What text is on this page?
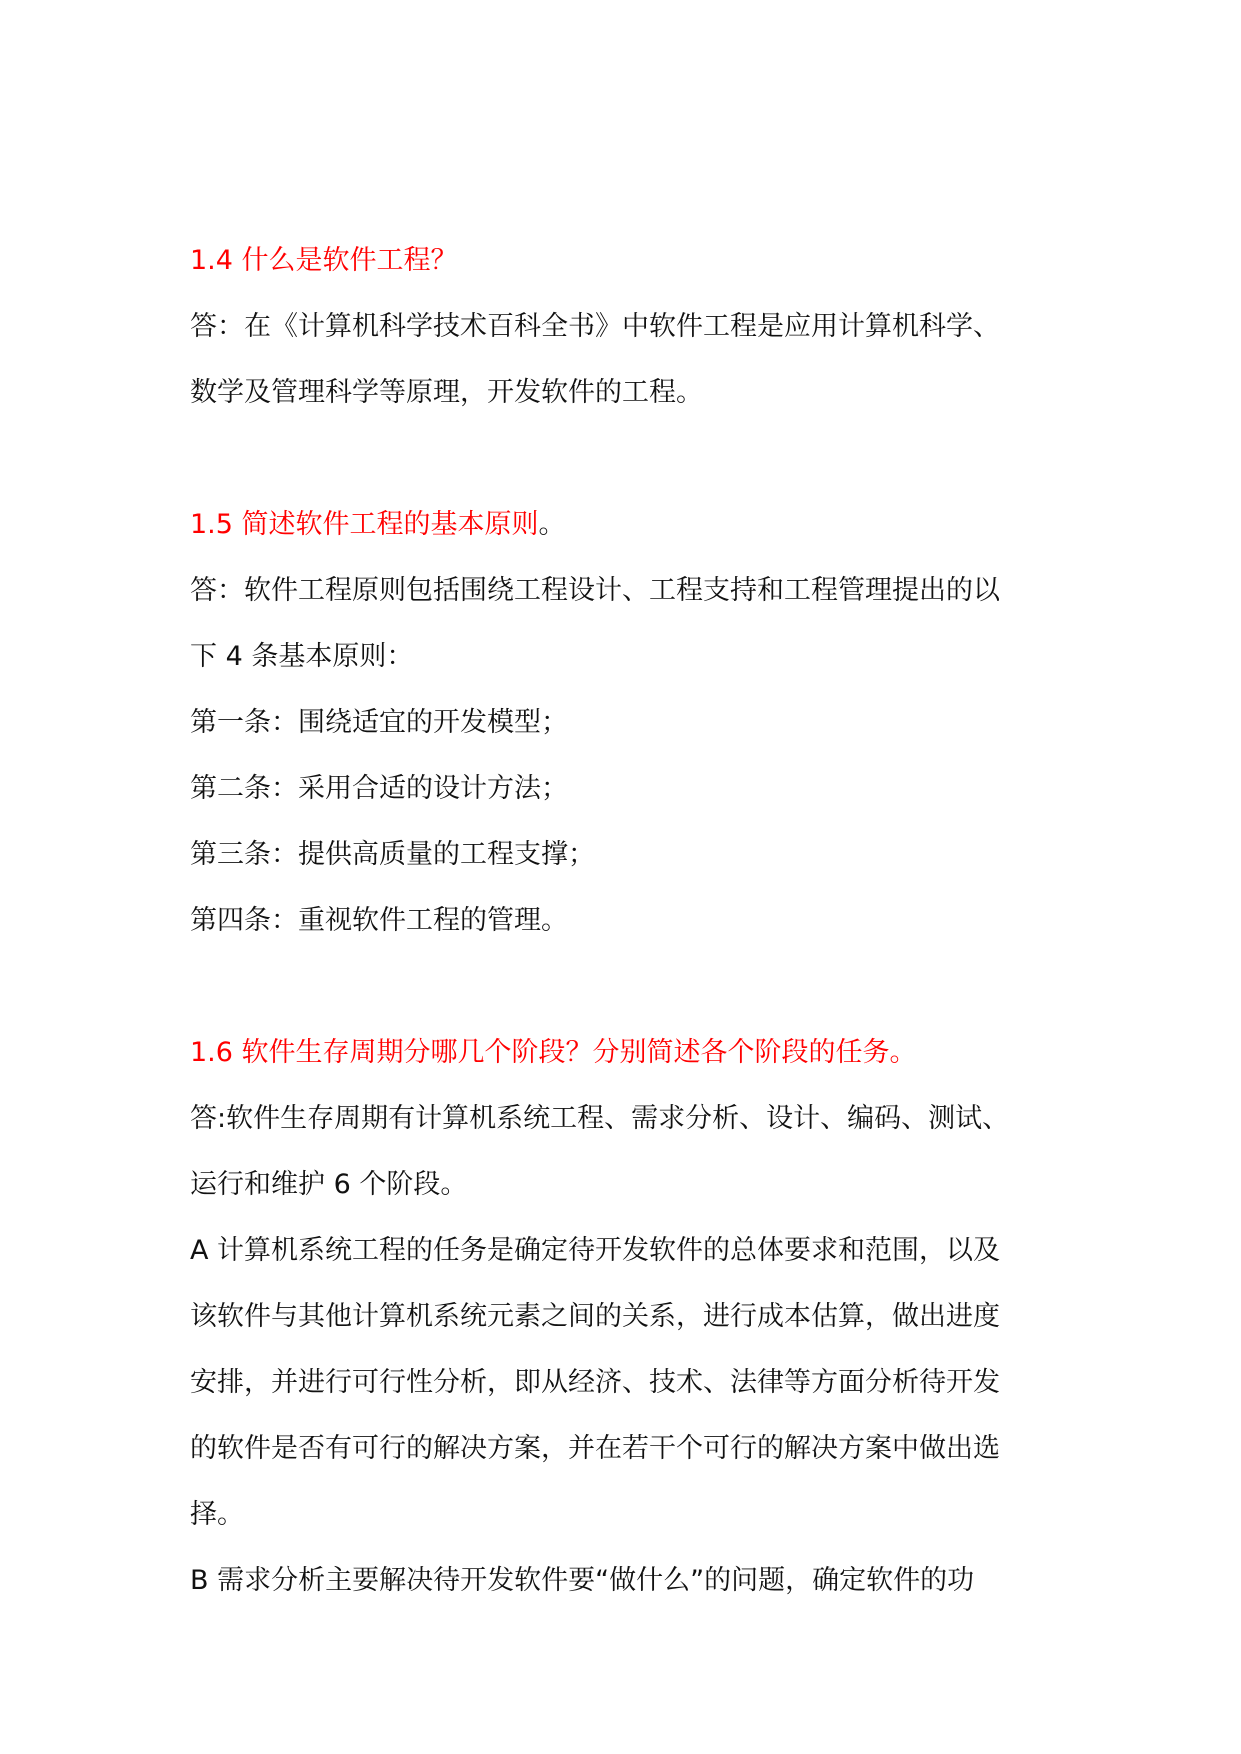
1.4 什么是软件工程？
答：在《计算机科学技术百科全书》中软件工程是应用计算机科学、
数学及管理科学等原理，开发软件的工程。
1.5 简述软件工程的基本原则。
答：软件工程原则包括围绕工程设计、工程支持和工程管理提出的以
下 4 条基本原则：
第一条：围绕适宜的开发模型；
第二条：采用合适的设计方法；
第三条：提供高质量的工程支撑；
第四条：重视软件工程的管理。
1.6 软件生存周期分哪几个阶段？分别简述各个阶段的任务。
答:软件生存周期有计算机系统工程、需求分析、设计、编码、测试、
运行和维护 6 个阶段。
A 计算机系统工程的任务是确定待开发软件的总体要求和范围，以及
该软件与其他计算机系统元素之间的关系，进行成本估算，做出进度
安排，并进行可行性分析，即从经济、技术、法律等方面分析待开发
的软件是否有可行的解决方案，并在若干个可行的解决方案中做出选
择。
B 需求分析主要解决待开发软件要“做什么”的问题，确定软件的功
